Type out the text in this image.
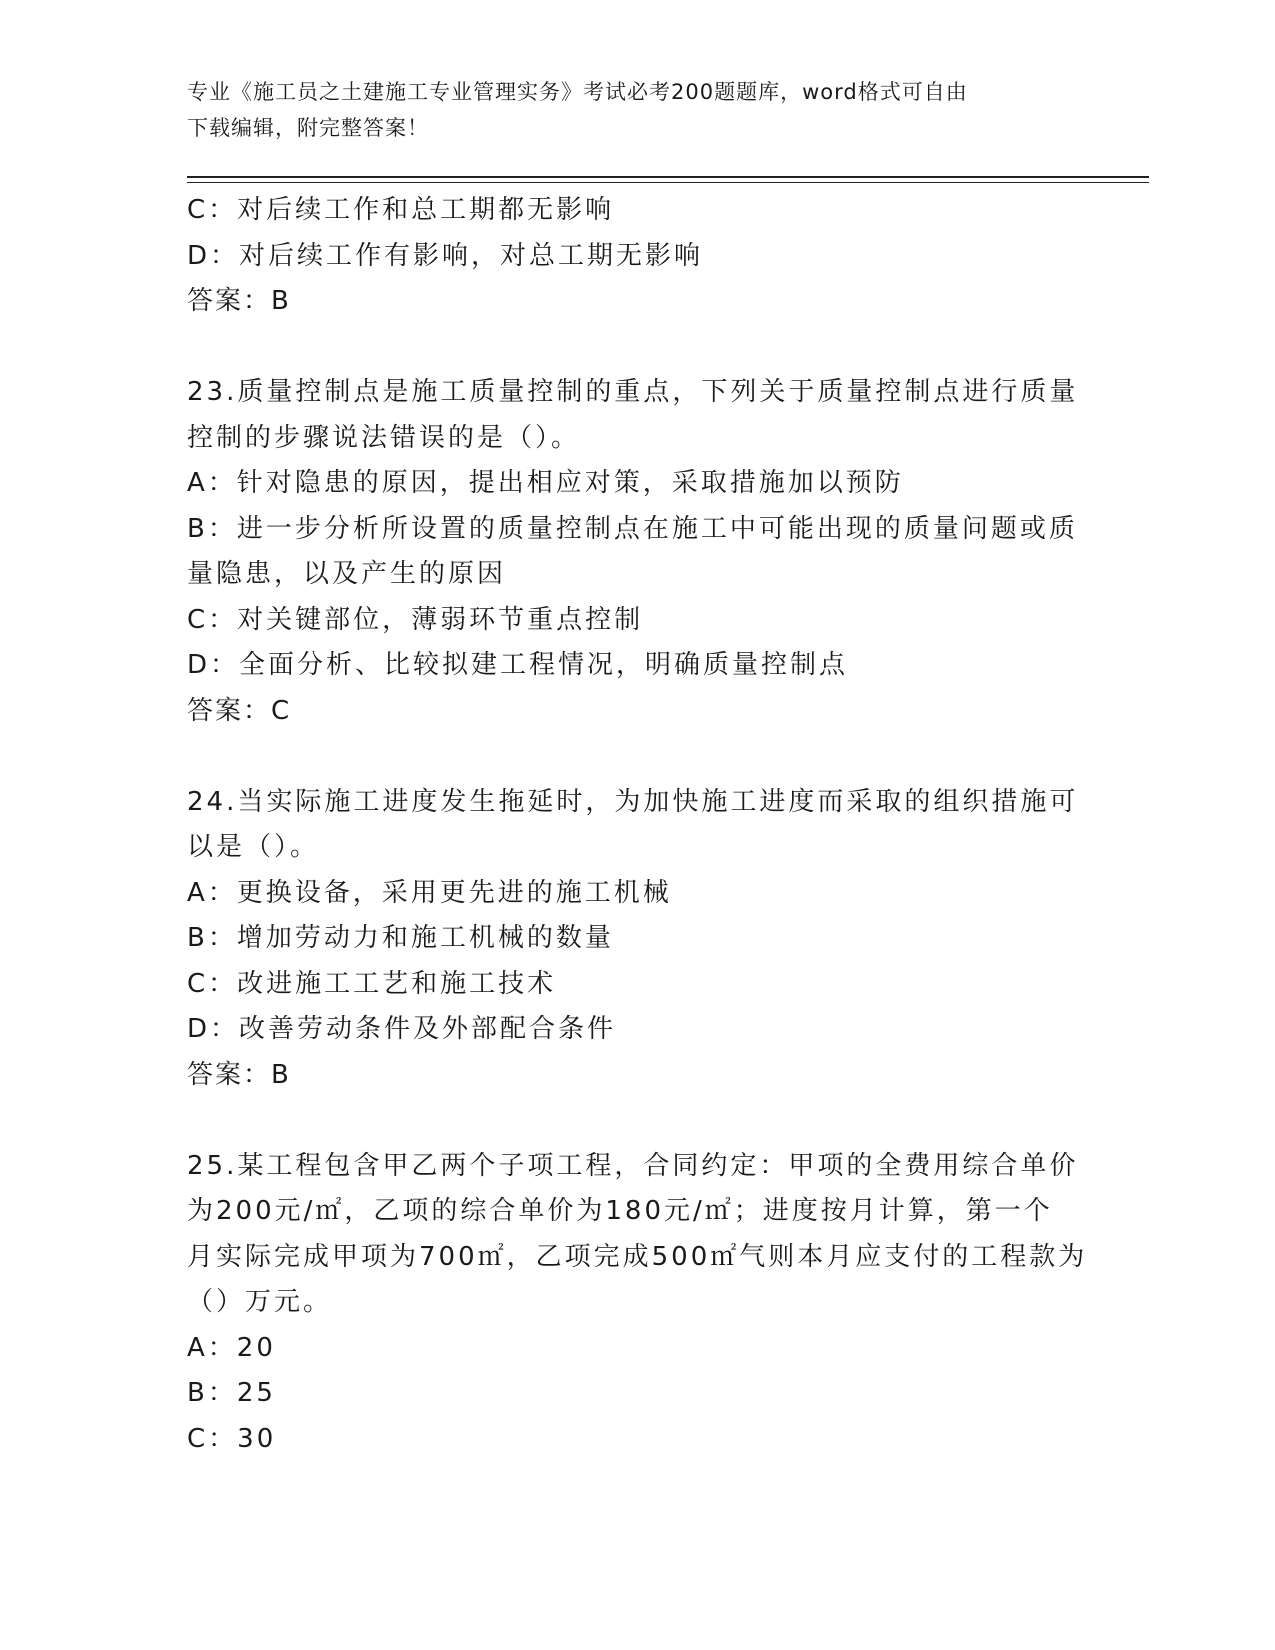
专业《施工员之土建施工专业管理实务》考试必考200题题库，word格式可自由
下载编辑，附完整答案！
C：对后续工作和总工期都无影响
D：对后续工作有影响，对总工期无影响
答案：B
23.质量控制点是施工质量控制的重点，下列关于质量控制点进行质量
控制的步骤说法错误的是（）。
A：针对隐患的原因，提出相应对策，采取措施加以预防
B：进一步分析所设置的质量控制点在施工中可能出现的质量问题或质
量隐患，以及产生的原因
C：对关键部位，薄弱环节重点控制
D：全面分析、比较拟建工程情况，明确质量控制点
答案：C
24.当实际施工进度发生拖延时，为加快施工进度而采取的组织措施可
以是（）。
A：更换设备，采用更先进的施工机械
B：增加劳动力和施工机械的数量
C：改进施工工艺和施工技术
D：改善劳动条件及外部配合条件
答案：B
25.某工程包含甲乙两个子项工程，合同约定：甲项的全费用综合单价
为200元/㎡，乙项的综合单价为180元/㎡；进度按月计算，第一个
月实际完成甲项为700㎡，乙项完成500㎡气则本月应支付的工程款为
（）万元。
A：20
B：25
C：30
